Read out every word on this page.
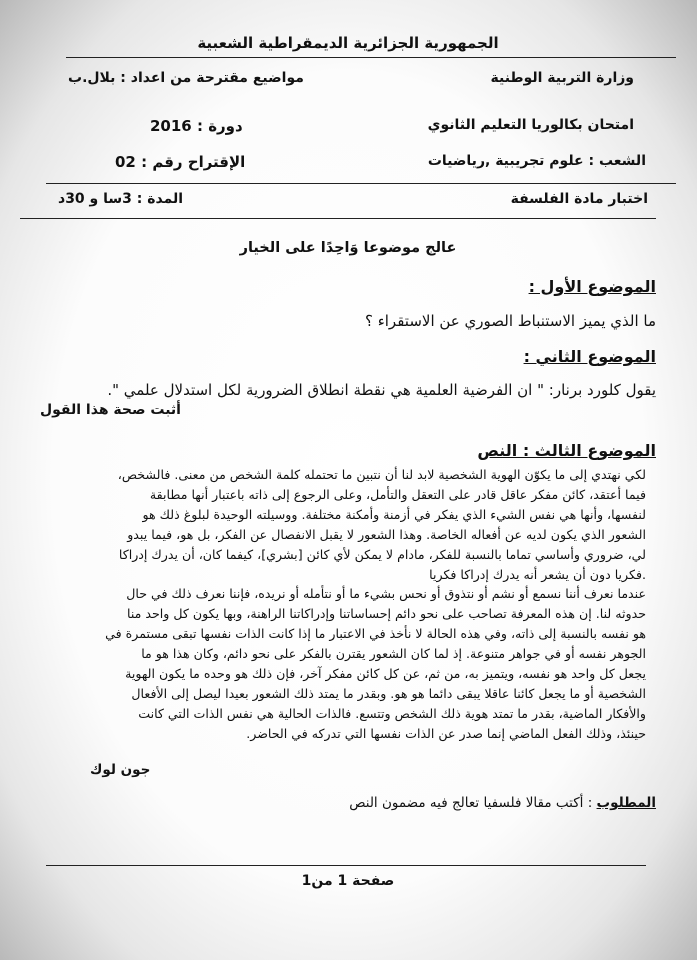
الجمهورية الجزائرية الديمقراطية الشعبية
وزارة التربية الوطنية
مواضيع مقترحة من اعداد : بلال.ب
امتحان بكالوريا التعليم الثانوي
دورة : 2016
الشعب : علوم تجريبية ,رياضيات
الإقتراح رقم : 02
اختبار مادة الفلسفة
المدة : 3سا و 30د
عالج موضوعا وَاحِدًا على الخيار
الموضوع الأول :
ما الذي يميز الاستنباط الصوري عن الاستقراء ؟
الموضوع الثاني :
يقول كلورد برنار: " ان الفرضية العلمية هي نقطة انطلاق الضرورية لكل استدلال علمي ".
أثبت صحة هذا القول
الموضوع الثالث : النص
لكي نهتدي إلى ما يكوّن الهوية الشخصية لابد لنا أن نتبين ما تحتمله كلمة الشخص من معنى. فالشخص،
فيما أعتقد، كائن مفكر عاقل قادر على التعقل والتأمل، وعلى الرجوع إلى ذاته باعتبار أنها مطابقة
لنفسها، وأنها هي نفس الشيء الذي يفكر في أزمنة وأمكنة مختلفة. ووسيلته الوحيدة لبلوغ ذلك هو
الشعور الذي يكون لديه عن أفعاله الخاصة. وهذا الشعور لا يقبل الانفصال عن الفكر، بل هو، فيما يبدو
لي، ضروري وأساسي تماما بالنسبة للفكر، مادام لا يمكن لأي كائن [بشري]، كيفما كان، أن يدرك إدراكا
.فكريا دون أن يشعر أنه يدرك إدراكا فكريا
عندما نعرف أننا نسمع أو نشم أو نتذوق أو نحس بشيء ما أو نتأمله أو نريده، فإننا نعرف ذلك في حال
حدوثه لنا. إن هذه المعرفة تصاحب على نحو دائم إحساساتنا وإدراكاتنا الراهنة، وبها يكون كل واحد منا
هو نفسه بالنسبة إلى ذاته، وفي هذه الحالة لا نأخذ في الاعتبار ما إذا كانت الذات نفسها تبقى مستمرة في
الجوهر نفسه أو في جواهر متنوعة. إذ لما كان الشعور يقترن بالفكر على نحو دائم، وكان هذا هو ما
يجعل كل واحد هو نفسه، ويتميز به، من ثم، عن كل كائن مفكر آخر، فإن ذلك هو وحده ما يكون الهوية
الشخصية أو ما يجعل كائنا عاقلا يبقى دائما هو هو. وبقدر ما يمتد ذلك الشعور بعيدا ليصل إلى الأفعال
والأفكار الماضية، بقدر ما تمتد هوية ذلك الشخص وتتسع. فالذات الحالية هي نفس الذات التي كانت
حينئذ، وذلك الفعل الماضي إنما صدر عن الذات نفسها التي تدركه في الحاضر.
جون لوك
المطلوب : أكتب مقالا فلسفيا تعالج فيه مضمون النص
صفحة 1 من1
